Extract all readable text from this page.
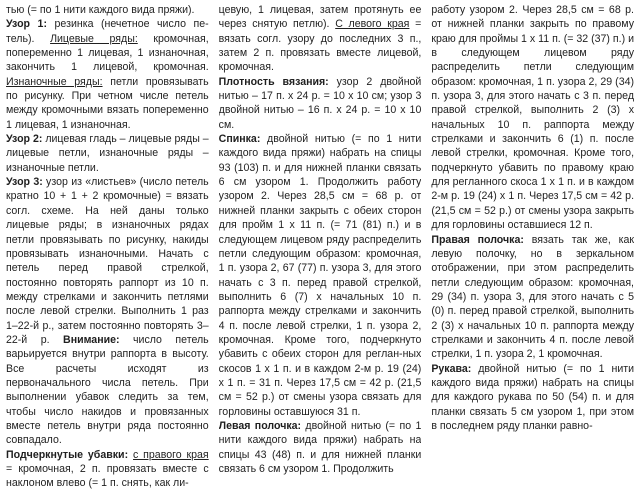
тью (= по 1 нити каждого вида пряжи).

Узор 1: резинка (нечетное число пе-тель). Лицевые ряды: кромочная, попеременно 1 лицевая, 1 изнаночная, закончить 1 лицевой, кромочная. Изнаночные ряды: петли провязывать по рисунку. При четном числе петель между кромочными вязать попеременно 1 лицевая, 1 изнаночная.

Узор 2: лицевая гладь – лицевые ряды – лицевые петли, изнаночные ряды – изнаночные петли.

Узор 3: узор из «листьев» (число петель кратно 10 + 1 + 2 кромочные) = вязать согл. схеме. На ней даны только лицевые ряды; в изнаночных рядах петли провязывать по рисунку, накиды провязывать изнаночными. Начать с петель перед правой стрелкой, постоянно повторять раппорт из 10 п. между стрелками и закончить петлями после левой стрелки. Выполнить 1 раз 1–22-й р., затем постоянно повторять 3–22-й р. Внимание: число петель варьируется внутри раппорта в высоту. Все расчеты исходят из первоначального числа петель. При выполнении убавок следить за тем, чтобы число накидов и провязанных вместе петель внутри ряда постоянно совпадало.

Подчеркнутые убавки: с правого края = кромочная, 2 п. провязать вместе с наклоном влево (= 1 п. снять, как ли-

цевую, 1 лицевая, затем протянуть ее через снятую петлю). С левого края = вязать согл. узору до последних 3 п., затем 2 п. провязать вместе лицевой, кромочная.

Плотность вязания: узор 2 двойной нитью – 17 п. х 24 р. = 10 х 10 см; узор 3 двойной нитью – 16 п. х 24 р. = 10 х 10 см.

Спинка: двойной нитью (= по 1 нити каждого вида пряжи) набрать на спицы 93 (103) п. и для нижней планки связать 6 см узором 1. Продолжить работу узором 2. Через 28,5 см = 68 р. от нижней планки закрыть с обеих сторон для пройм 1 х 11 п. (= 71 (81) п.) и в следующем лицевом ряду распределить петли следующим образом: кромочная, 1 п. узора 2, 67 (77) п. узора 3, для этого начать с 3 п. перед правой стрелкой, выполнить 6 (7) х начальных 10 п. раппорта между стрелками и закончить 4 п. после левой стрелки, 1 п. узора 2, кромочная. Кроме того, подчеркнуто убавить с обеих сторон для реглан-ных скосов 1 х 1 п. и в каждом 2-м р. 19 (24) х 1 п. = 31 п. Через 17,5 см = 42 р. (21,5 см = 52 р.) от смены узора связать для горловины оставшуюся 31 п.

Левая полочка: двойной нитью (= по 1 нити каждого вида пряжи) набрать на спицы 43 (48) п. и для нижней планки связать 6 см узором 1. Продолжить

работу узором 2. Через 28,5 см = 68 р. от нижней планки закрыть по правому краю для проймы 1 х 11 п. (= 32 (37) п.) и в следующем лицевом ряду распределить петли следующим образом: кромочная, 1 п. узора 2, 29 (34) п. узора 3, для этого начать с 3 п. перед правой стрелкой, выполнить 2 (3) х начальных 10 п. раппорта между стрелками и закончить 6 (1) п. после левой стрелки, кромочная. Кроме того, подчеркнуто убавить по правому краю для регланного скоса 1 х 1 п. и в каждом 2-м р. 19 (24) х 1 п. Через 17,5 см = 42 р. (21,5 см = 52 р.) от смены узора закрыть для горловины оставшиеся 12 п.

Правая полочка: вязать так же, как левую полочку, но в зеркальном отображении, при этом распределить петли следующим образом: кромочная, 29 (34) п. узора 3, для этого начать с 5 (0) п. перед правой стрелкой, выполнить 2 (3) х начальных 10 п. раппорта между стрелками и закончить 4 п. после левой стрелки, 1 п. узора 2, 1 кромочная.

Рукава: двойной нитью (= по 1 нити каждого вида пряжи) набрать на спицы для каждого рукава по 50 (54) п. и для планки связать 5 см узором 1, при этом в последнем ряду планки равно-
